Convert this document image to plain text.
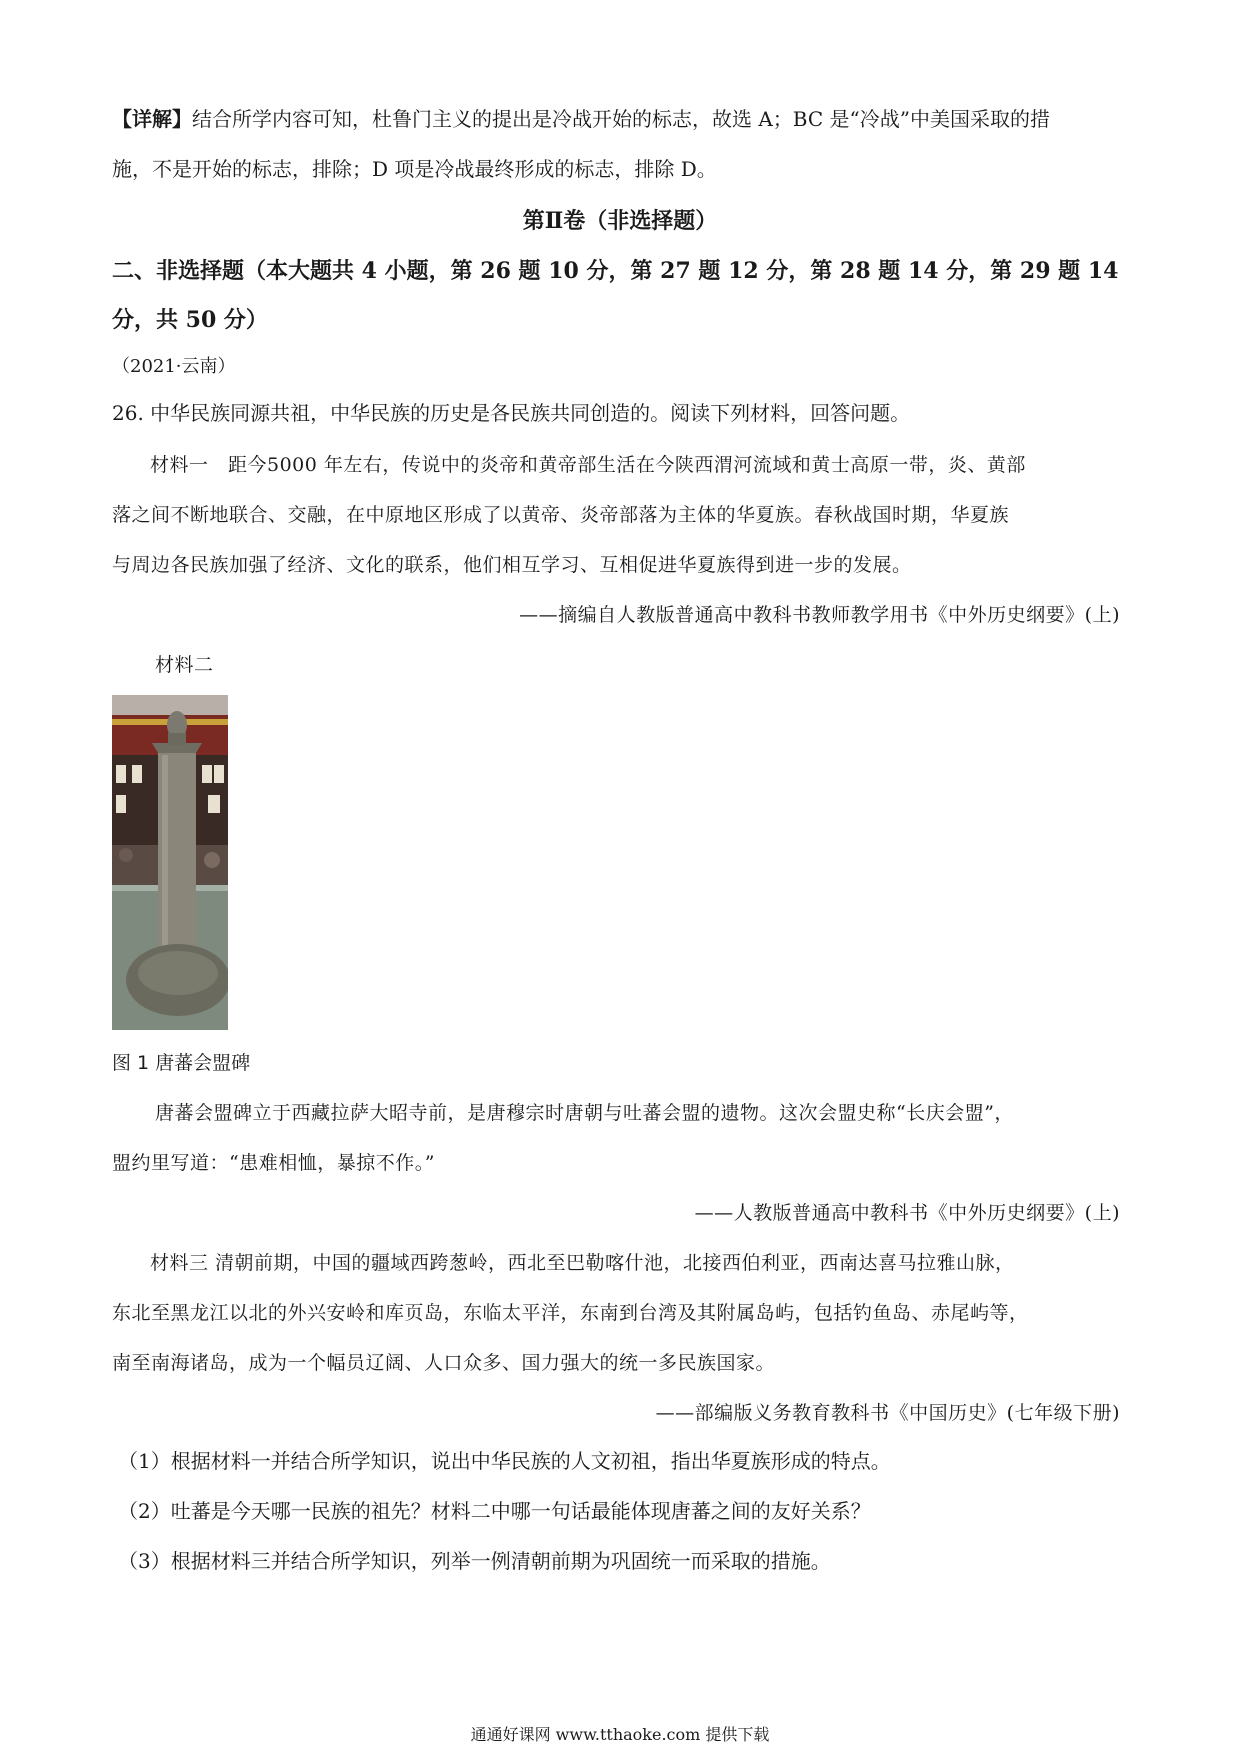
【详解】结合所学内容可知，杜鲁门主义的提出是冷战开始的标志，故选 A；BC 是“冷战”中美国采取的措
施，不是开始的标志，排除；D 项是冷战最终形成的标志，排除 D。
第Ⅱ卷（非选择题）
二、非选择题（本大题共 4 小题，第 26 题 10 分，第 27 题 12 分，第 28 题 14 分，第 29 题 14
分，共 50 分）
（2021·云南）
26. 中华民族同源共祖，中华民族的历史是各民族共同创造的。阅读下列材料，回答问题。
材料一　距今5000 年左右，传说中的炎帝和黄帝部生活在今陕西渭河流域和黄士高原一带，炎、黄部
落之间不断地联合、交融，在中原地区形成了以黄帝、炎帝部落为主体的华夏族。春秋战国时期，华夏族
与周边各民族加强了经济、文化的联系，他们相互学习、互相促进华夏族得到进一步的发展。
——摘编自人教版普通高中教科书教师教学用书《中外历史纲要》(上)
材料二
图 1 唐蕃会盟碑
唐蕃会盟碑立于西藏拉萨大昭寺前，是唐穆宗时唐朝与吐蕃会盟的遗物。这次会盟史称“长庆会盟”，
盟约里写道：“患难相恤，暴掠不作。”
——人教版普通高中教科书《中外历史纲要》(上)
材料三 清朝前期，中国的疆域西跨葱岭，西北至巴勒喀什池，北接西伯利亚，西南达喜马拉雅山脉，
东北至黑龙江以北的外兴安岭和库页岛，东临太平洋，东南到台湾及其附属岛屿，包括钓鱼岛、赤尾屿等，
南至南海诸岛，成为一个幅员辽阔、人口众多、国力强大的统一多民族国家。
——部编版义务教育教科书《中国历史》(七年级下册)
（1）根据材料一并结合所学知识，说出中华民族的人文初祖，指出华夏族形成的特点。
（2）吐蕃是今天哪一民族的祖先？材料二中哪一句话最能体现唐蕃之间的友好关系？
（3）根据材料三并结合所学知识，列举一例清朝前期为巩固统一而采取的措施。
通通好课网 www.tthaoke.com 提供下载
